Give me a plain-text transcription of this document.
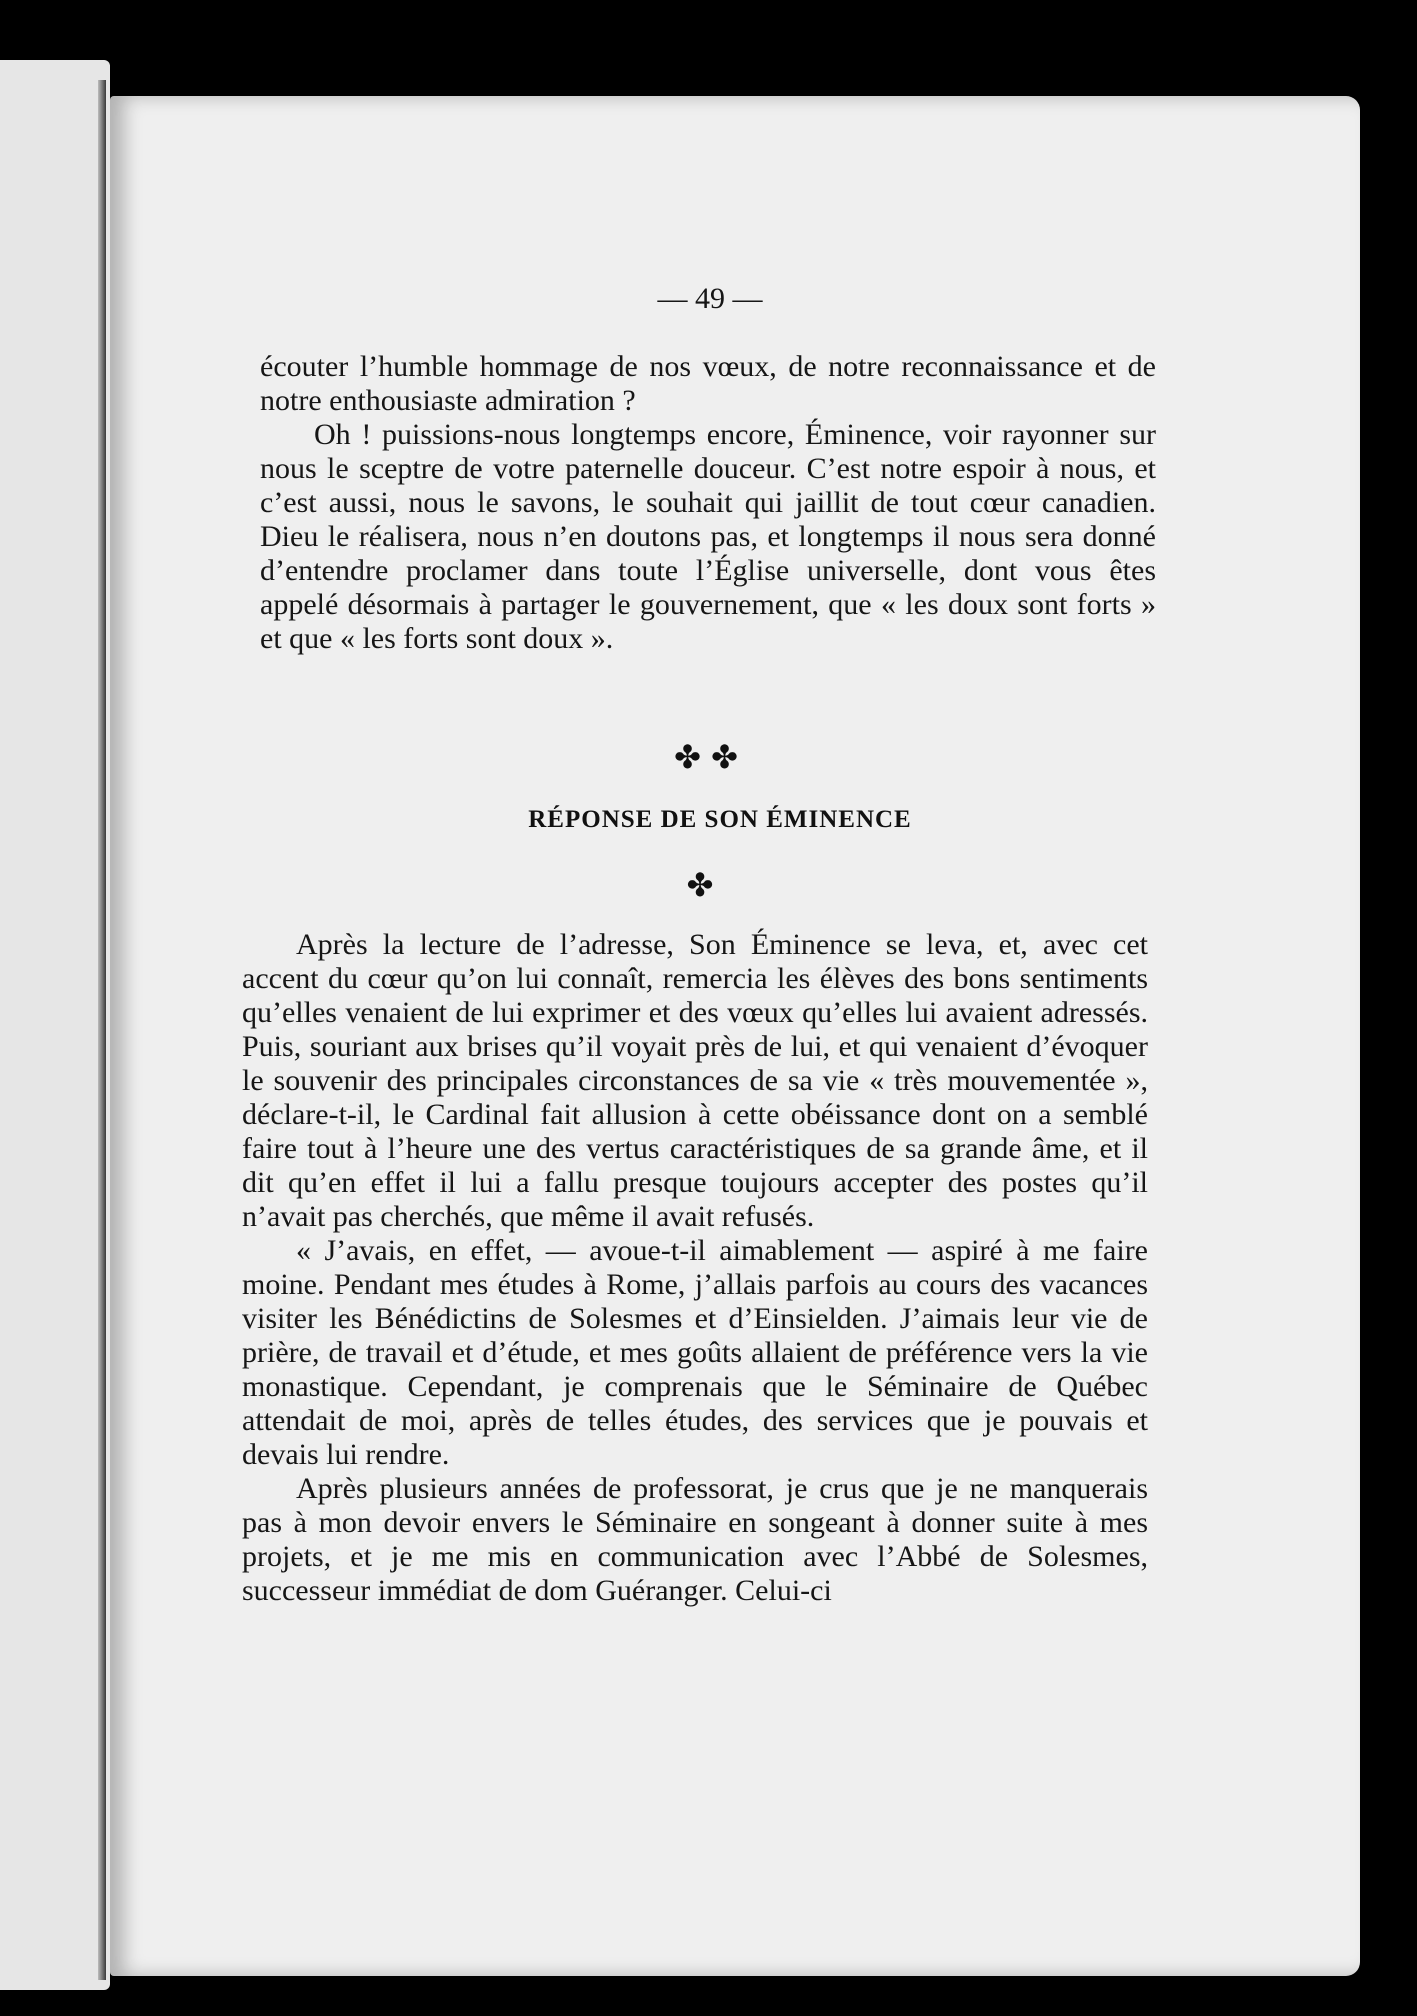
— 49 —

écouter l’humble hommage de nos vœux, de notre reconnaissance et de notre enthousiaste admiration ?

Oh ! puissions-nous longtemps encore, Éminence, voir rayonner sur nous le sceptre de votre paternelle douceur. C’est notre espoir à nous, et c’est aussi, nous le savons, le souhait qui jaillit de tout cœur canadien. Dieu le réalisera, nous n’en doutons pas, et longtemps il nous sera donné d’entendre proclamer dans toute l’Église universelle, dont vous êtes appelé désormais à partager le gouvernement, que « les doux sont forts » et que « les forts sont doux ».

✤ ✤
RÉPONSE DE SON ÉMINENCE
✤

Après la lecture de l’adresse, Son Éminence se leva, et, avec cet accent du cœur qu’on lui connaît, remercia les élèves des bons sentiments qu’elles venaient de lui exprimer et des vœux qu’elles lui avaient adressés. Puis, souriant aux brises qu’il voyait près de lui, et qui venaient d’évoquer le souvenir des principales circonstances de sa vie « très mouvementée », déclare-t-il, le Cardinal fait allusion à cette obéissance dont on a semblé faire tout à l’heure une des vertus caractéristiques de sa grande âme, et il dit qu’en effet il lui a fallu presque toujours accepter des postes qu’il n’avait pas cherchés, que même il avait refusés.

« J’avais, en effet, — avoue-t-il aimablement — aspiré à me faire moine. Pendant mes études à Rome, j’allais parfois au cours des vacances visiter les Bénédictins de Solesmes et d’Einsielden. J’aimais leur vie de prière, de travail et d’étude, et mes goûts allaient de préférence vers la vie monastique. Cependant, je comprenais que le Séminaire de Québec attendait de moi, après de telles études, des services que je pouvais et devais lui rendre.

Après plusieurs années de professorat, je crus que je ne manquerais pas à mon devoir envers le Séminaire en songeant à donner suite à mes projets, et je me mis en communication avec l’Abbé de Solesmes, successeur immédiat de dom Guéranger. Celui-ci
